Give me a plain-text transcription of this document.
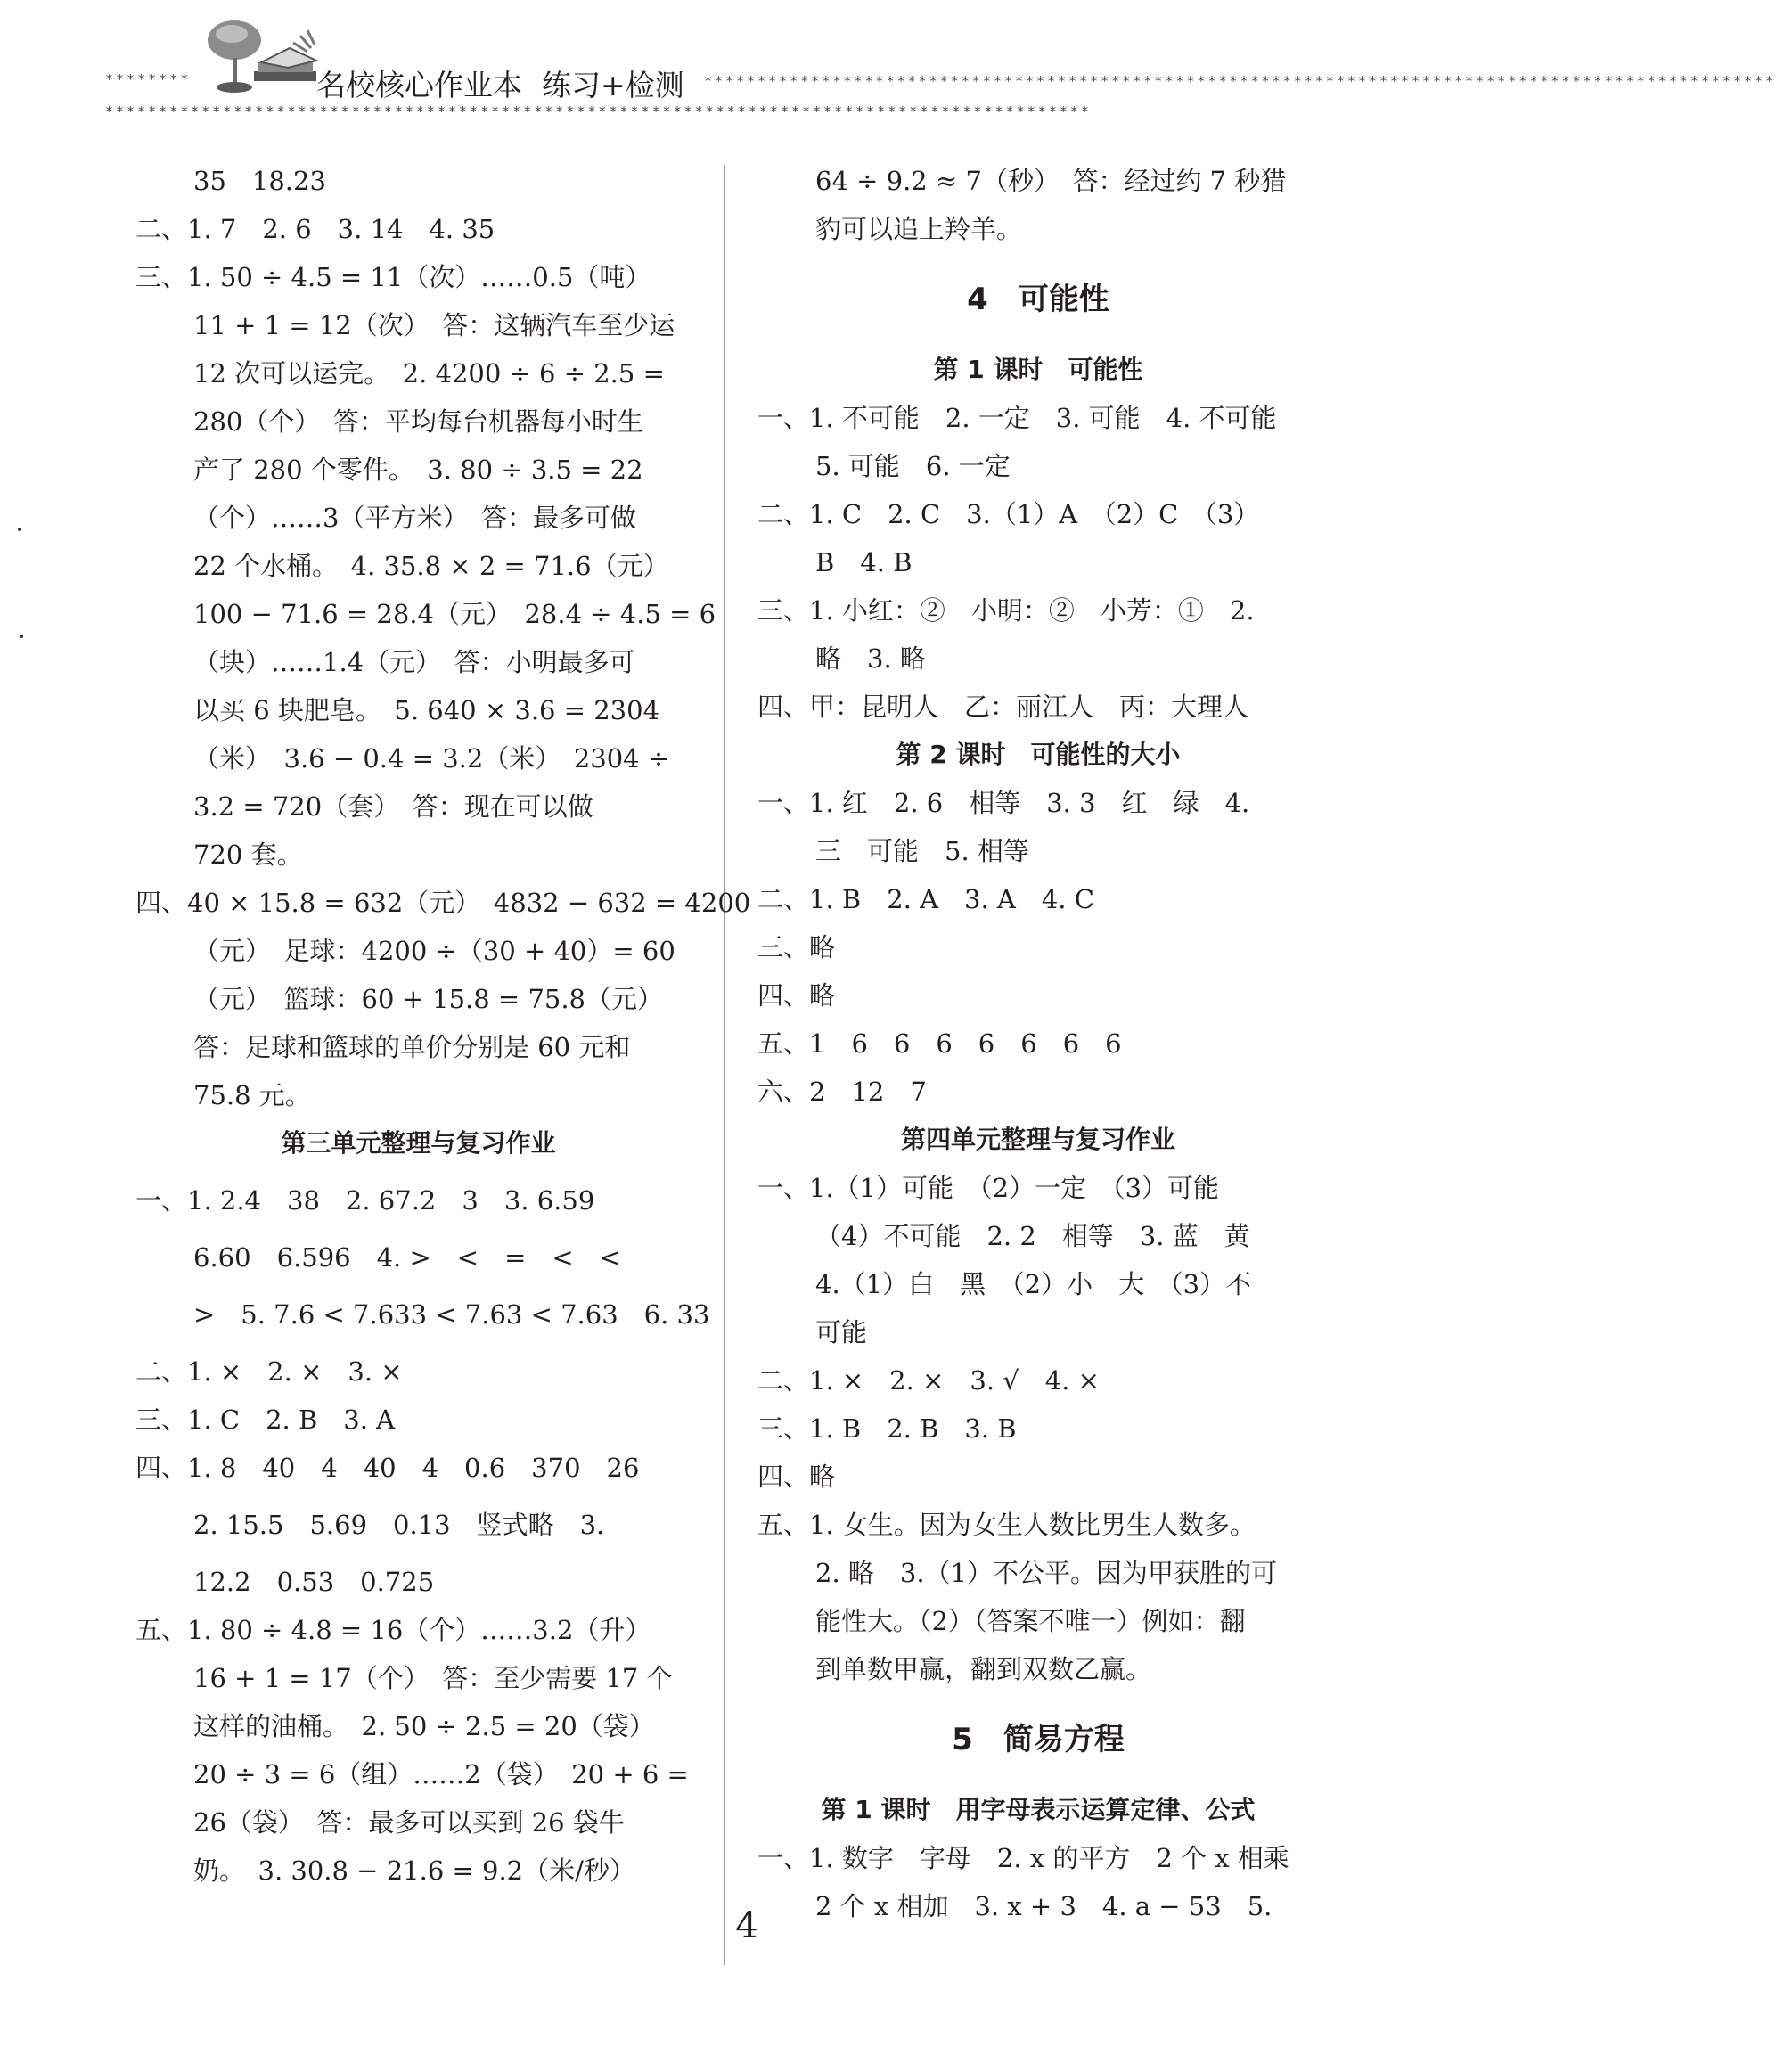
********	****************************************************************************************************
********************************************************************************************
名校核心作业本 练习+检测
35　18.23
二、1. 7　2. 6　3. 14　4. 35
三、1. 50 ÷ 4.5 = 11（次）……0.5（吨）
11 + 1 = 12（次）　答：这辆汽车至少运
12 次可以运完。　2. 4200 ÷ 6 ÷ 2.5 =
280（个）　答：平均每台机器每小时生
产了 280 个零件。　3. 80 ÷ 3.5 = 22
（个）……3（平方米）　答：最多可做
22 个水桶。　4. 35.8 × 2 = 71.6（元）
100 − 71.6 = 28.4（元）　28.4 ÷ 4.5 = 6
（块）……1.4（元）　答：小明最多可
以买 6 块肥皂。　5. 640 × 3.6 = 2304
（米）　3.6 − 0.4 = 3.2（米）　2304 ÷
3.2 = 720（套）　答：现在可以做
720 套。
四、40 × 15.8 = 632（元）　4832 − 632 = 4200
（元）　足球：4200 ÷（30 + 40）= 60
（元）　篮球：60 + 15.8 = 75.8（元）
答：足球和篮球的单价分别是 60 元和
75.8 元。
第三单元整理与复习作业
一、1. 2.4　38　2. 67.2　3　3. 6.59
6.60　6.596　4. >　<　=　<　<
>　5. 7.6 < 7.633 < 7.63 < 7.63　6. 33
二、1. ×　2. ×　3. ×
三、1. C　2. B　3. A
四、1. 8　40　4　40　4　0.6　370　26
2. 15.5　5.69　0.13　竖式略　3.
12.2　0.53　0.725
五、1. 80 ÷ 4.8 = 16（个）……3.2（升）
16 + 1 = 17（个）　答：至少需要 17 个
这样的油桶。　2. 50 ÷ 2.5 = 20（袋）
20 ÷ 3 = 6（组）……2（袋）　20 + 6 =
26（袋）　答：最多可以买到 26 袋牛
奶。　3. 30.8 − 21.6 = 9.2（米/秒）
64 ÷ 9.2 ≈ 7（秒）　答：经过约 7 秒猎
豹可以追上羚羊。
4　可能性
第 1 课时　可能性
一、1. 不可能　2. 一定　3. 可能　4. 不可能
5. 可能　6. 一定
二、1. C　2. C　3.（1）A　（2）C　（3）
B　4. B
三、1. 小红：②　小明：②　小芳：①　2.
略　3. 略
四、甲：昆明人　乙：丽江人　丙：大理人
第 2 课时　可能性的大小
一、1. 红　2. 6　相等　3. 3　红　绿　4.
三　可能　5. 相等
二、1. B　2. A　3. A　4. C
三、略
四、略
五、1　6　6　6　6　6　6　6
六、2　12　7
第四单元整理与复习作业
一、1.（1）可能　（2）一定　（3）可能
（4）不可能　2. 2　相等　3. 蓝　黄
4.（1）白　黑　（2）小　大　（3）不
可能
二、1. ×　2. ×　3. √　4. ×
三、1. B　2. B　3. B
四、略
五、1. 女生。因为女生人数比男生人数多。
2. 略　3.（1）不公平。因为甲获胜的可
能性大。（2）（答案不唯一）例如：翻
到单数甲赢，翻到双数乙赢。
5　简易方程
第 1 课时　用字母表示运算定律、公式
一、1. 数字　字母　2. x 的平方　2 个 x 相乘
2 个 x 相加　3. x + 3　4. a − 53　5.
4
